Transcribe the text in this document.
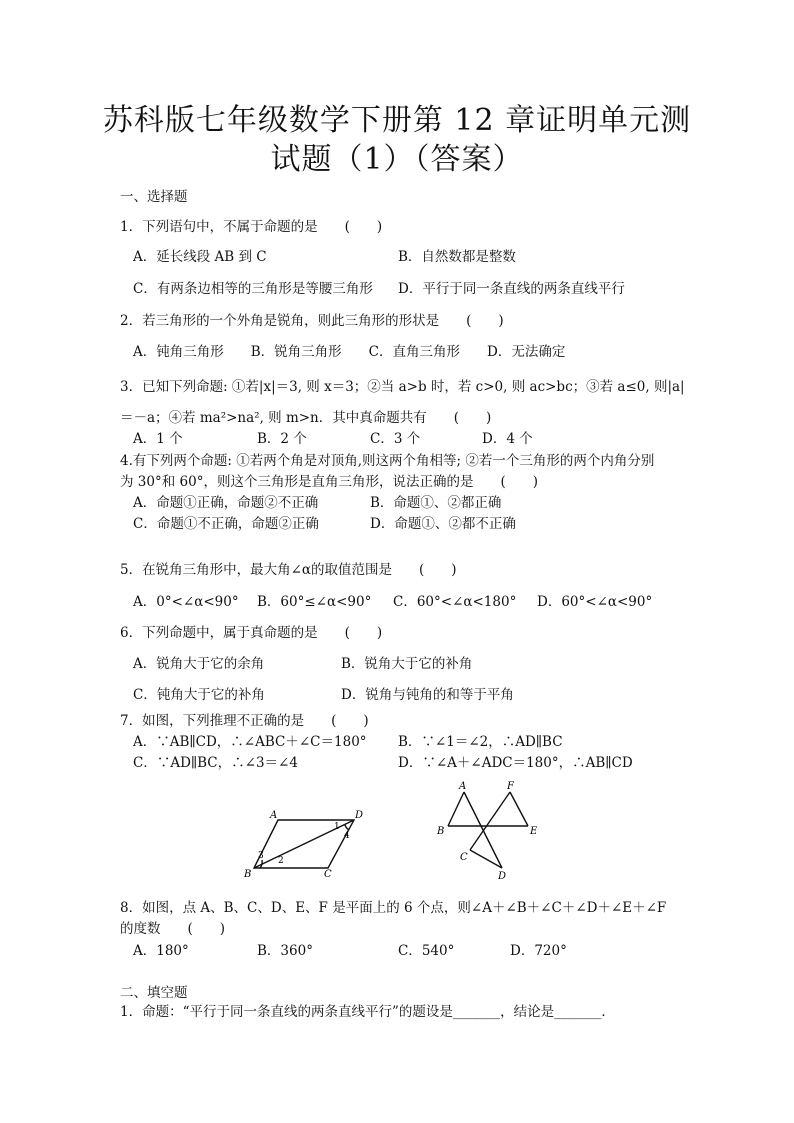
苏科版七年级数学下册第 12 章证明单元测
试题（1）（答案）
一、选择题
1．下列语句中，不属于命题的是　　(　　)
A．延长线段 AB 到 C	B．自然数都是整数
C．有两条边相等的三角形是等腰三角形 D．平行于同一条直线的两条直线平行
2．若三角形的一个外角是锐角，则此三角形的形状是　　(　　)
A．钝角三角形　　B．锐角三角形　　C．直角三角形　　D．无法确定
3．已知下列命题: ①若|x|＝3, 则 x＝3；②当 a>b 时，若 c>0, 则 ac>bc；③若 a≤0, 则|a|
＝－a；④若 ma²>na², 则 m>n．其中真命题共有　　(　　)
A．1 个	B．2 个	C．3 个	D．4 个
4.有下列两个命题: ①若两个角是对顶角,则这两个角相等; ②若一个三角形的两个内角分别
为 30°和 60°，则这个三角形是直角三角形，说法正确的是　　(　　)
A．命题①正确，命题②不正确	B．命题①、②都正确
C．命题①不正确，命题②正确	D．命题①、②都不正确
5．在锐角三角形中，最大角∠α的取值范围是　　(　　)
A．0°<∠α<90° B．60°≤∠α<90° C．60°<∠α<180° D．60°<∠α<90°
6．下列命题中，属于真命题的是　　(　　)
A．锐角大于它的余角	B．锐角大于它的补角
C．钝角大于它的补角	D．锐角与钝角的和等于平角
7．如图，下列推理不正确的是　　(　　)
A．∵AB∥CD，∴∠ABC＋∠C＝180° B．∵∠1＝∠2，∴AD∥BC
C．∵AD∥BC，∴∠3＝∠4	D．∵∠A＋∠ADC＝180°，∴AB∥CD
A	D
B	C
1
2
3
4
A	F
B	E
C
D
8．如图，点 A、B、C、D、E、F 是平面上的 6 个点，则∠A＋∠B＋∠C＋∠D＋∠E＋∠F
的度数　　(　　)
A．180°	B．360°	C．540°	D．720°
二、填空题
1．命题：“平行于同一条直线的两条直线平行”的题设是_______，结论是_______．
